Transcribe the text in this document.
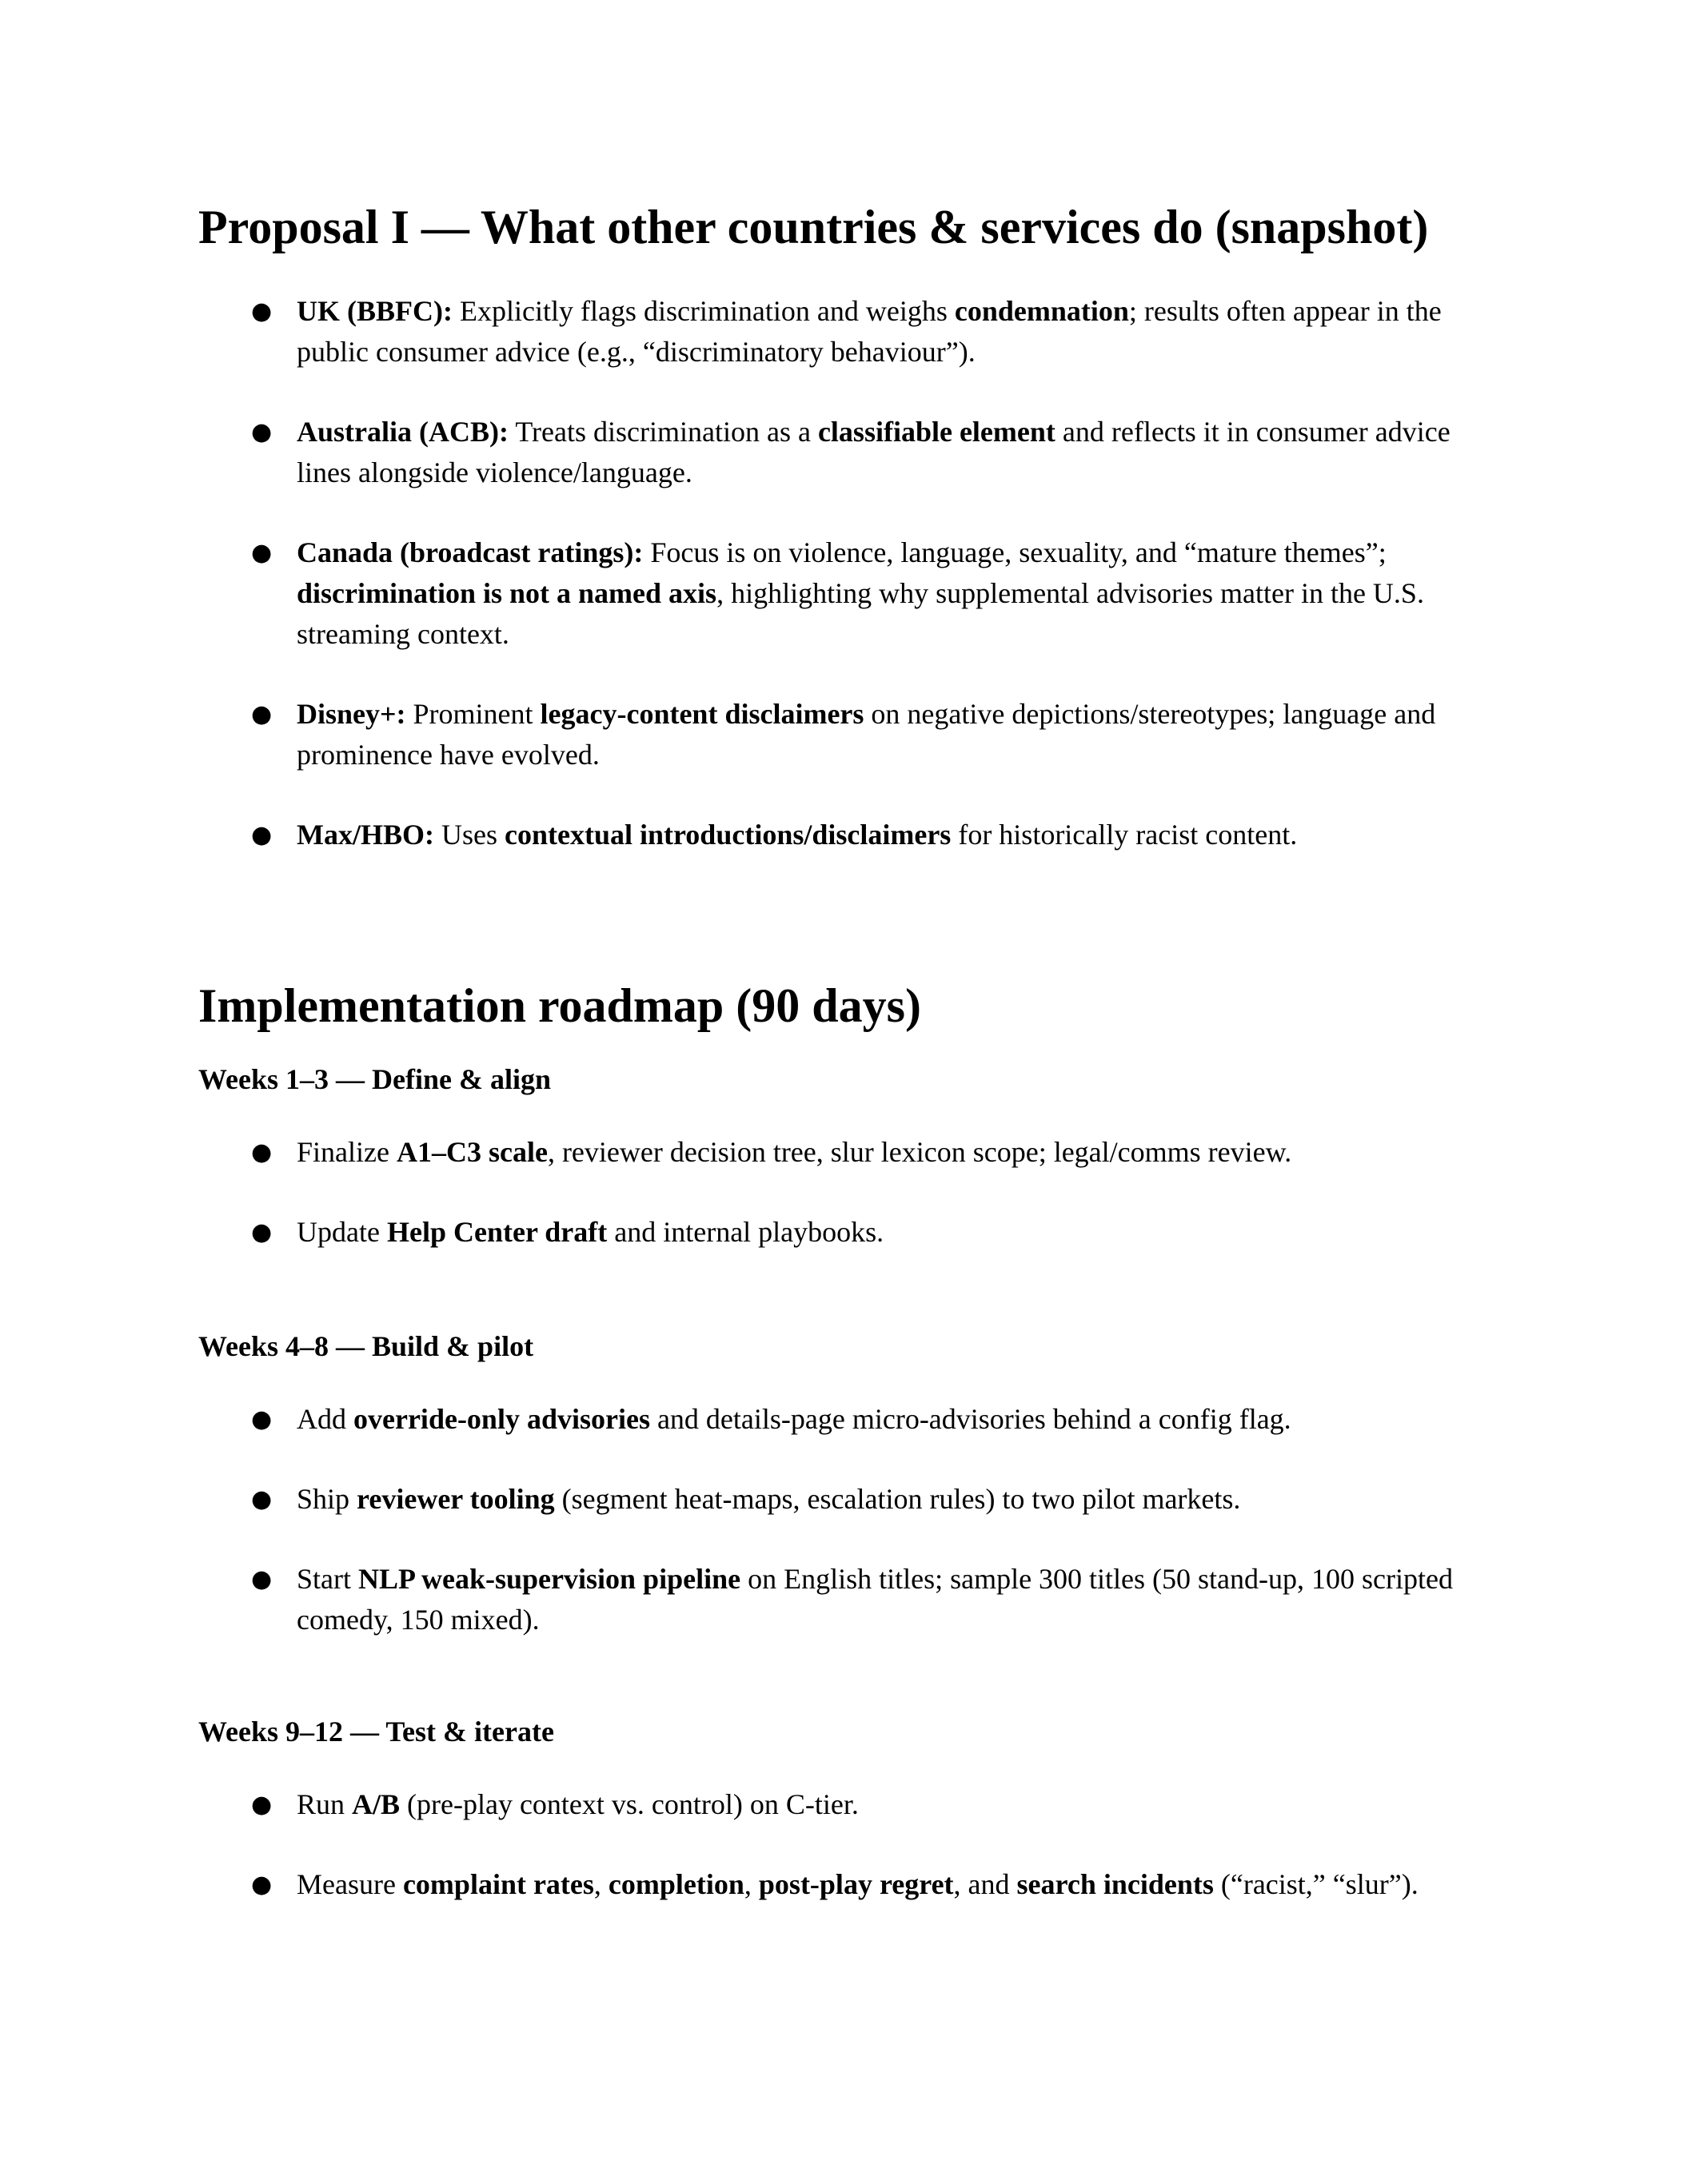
Proposal I — What other countries & services do (snapshot)
● UK (BBFC): Explicitly flags discrimination and weighs condemnation; results often appear in the public consumer advice (e.g., “discriminatory behaviour”).
● Australia (ACB): Treats discrimination as a classifiable element and reflects it in consumer advice lines alongside violence/language.
● Canada (broadcast ratings): Focus is on violence, language, sexuality, and “mature themes”; discrimination is not a named axis, highlighting why supplemental advisories matter in the U.S. streaming context.
● Disney+: Prominent legacy-content disclaimers on negative depictions/stereotypes; language and prominence have evolved.
● Max/HBO: Uses contextual introductions/disclaimers for historically racist content.
Implementation roadmap (90 days)
Weeks 1–3 — Define & align
● Finalize A1–C3 scale, reviewer decision tree, slur lexicon scope; legal/comms review.
● Update Help Center draft and internal playbooks.
Weeks 4–8 — Build & pilot
● Add override-only advisories and details-page micro-advisories behind a config flag.
● Ship reviewer tooling (segment heat-maps, escalation rules) to two pilot markets.
● Start NLP weak-supervision pipeline on English titles; sample 300 titles (50 stand-up, 100 scripted comedy, 150 mixed).
Weeks 9–12 — Test & iterate
● Run A/B (pre-play context vs. control) on C-tier.
● Measure complaint rates, completion, post-play regret, and search incidents (“racist,” “slur”).
